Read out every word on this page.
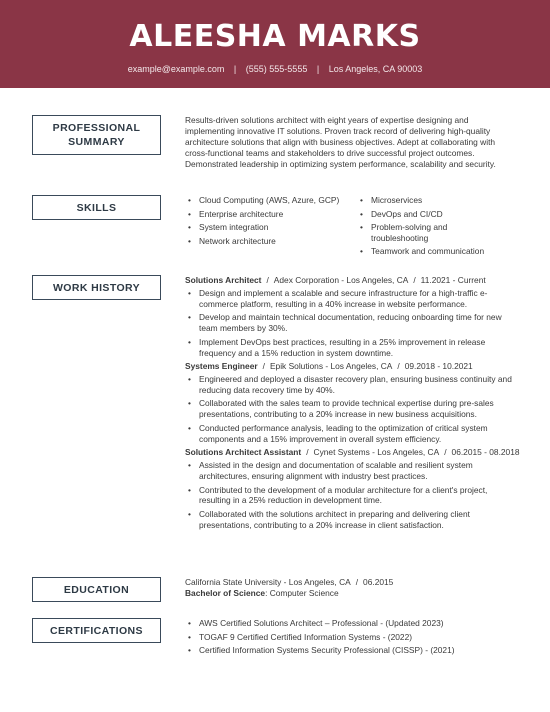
ALEESHA MARKS
example@example.com | (555) 555-5555 | Los Angeles, CA 90003
PROFESSIONAL SUMMARY

Results-driven solutions architect with eight years of expertise designing and implementing innovative IT solutions. Proven track record of delivering high-quality architecture solutions that align with business objectives. Adept at collaborating with cross-functional teams and stakeholders to drive successful project outcomes. Demonstrated leadership in optimizing system performance, scalability and security.

SKILLS
• Cloud Computing (AWS, Azure, GCP)
• Enterprise architecture
• System integration
• Network architecture
• Microservices
• DevOps and CI/CD
• Problem-solving and troubleshooting
• Teamwork and communication
WORK HISTORY
Solutions Architect / Adex Corporation - Los Angeles, CA / 11.2021 - Current
• Design and implement a scalable and secure infrastructure for a high-traffic e-commerce platform, resulting in a 40% increase in website performance.
• Develop and maintain technical documentation, reducing onboarding time for new team members by 30%.
• Implement DevOps best practices, resulting in a 25% improvement in release frequency and a 15% reduction in system downtime.
Systems Engineer / Epik Solutions - Los Angeles, CA / 09.2018 - 10.2021
• Engineered and deployed a disaster recovery plan, ensuring business continuity and reducing data recovery time by 40%.
• Collaborated with the sales team to provide technical expertise during pre-sales presentations, contributing to a 20% increase in new business acquisitions.
• Conducted performance analysis, leading to the optimization of critical system components and a 15% improvement in overall system efficiency.
Solutions Architect Assistant / Cynet Systems - Los Angeles, CA / 06.2015 - 08.2018
• Assisted in the design and documentation of scalable and resilient system architectures, ensuring alignment with industry best practices.
• Contributed to the development of a modular architecture for a client's project, resulting in a 25% reduction in development time.
• Collaborated with the solutions architect in preparing and delivering client presentations, contributing to a 20% increase in client satisfaction.
EDUCATION
California State University - Los Angeles, CA / 06.2015
Bachelor of Science: Computer Science
CERTIFICATIONS
• AWS Certified Solutions Architect – Professional - (Updated 2023)
• TOGAF 9 Certified Certified Information Systems - (2022)
• Certified Information Systems Security Professional (CISSP) - (2021)
